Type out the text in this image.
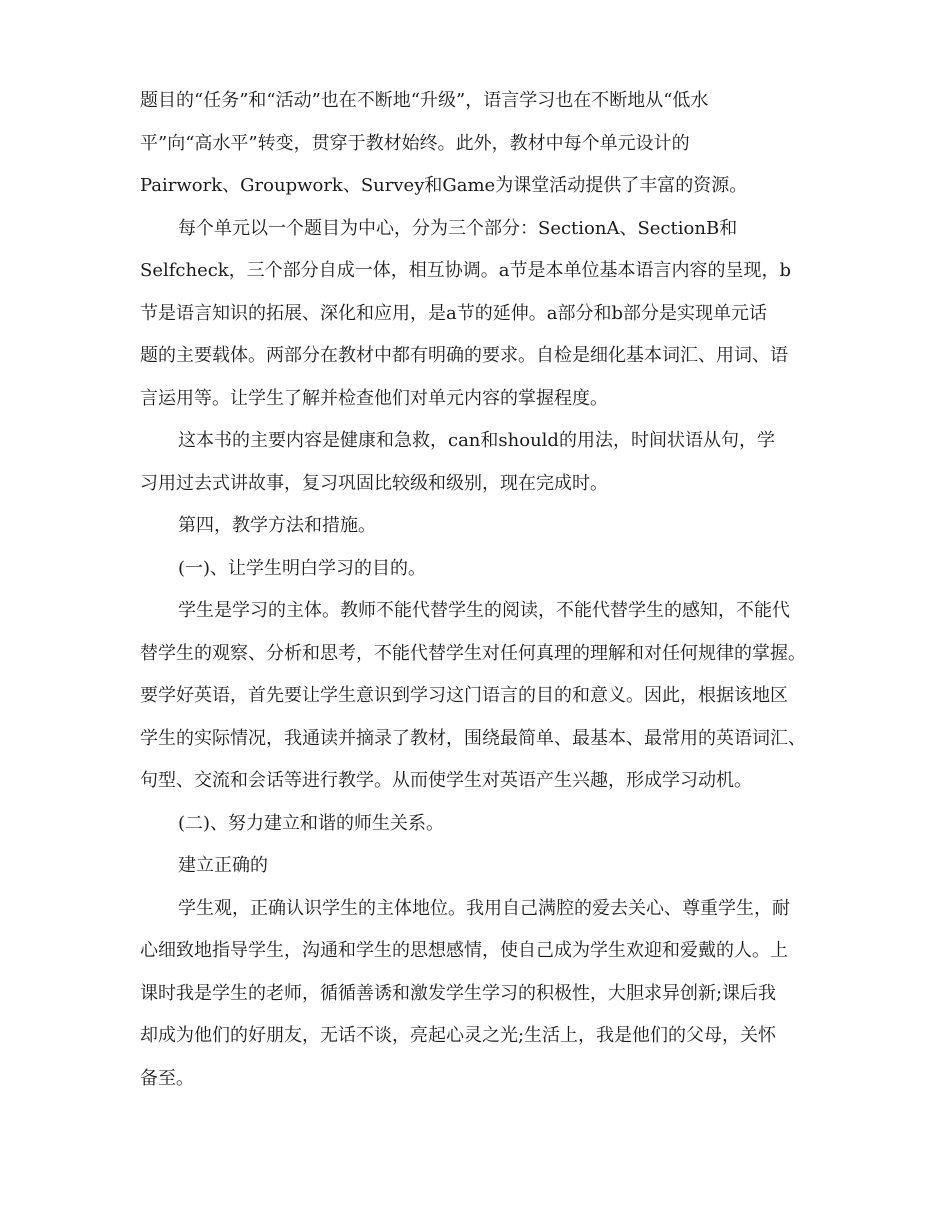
题目的“任务”和“活动”也在不断地“升级”，语言学习也在不断地从“低水
平”向“高水平”转变，贯穿于教材始终。此外，教材中每个单元设计的
Pairwork、Groupwork、Survey和Game为课堂活动提供了丰富的资源。
每个单元以一个题目为中心，分为三个部分：SectionA、SectionB和
Selfcheck，三个部分自成一体，相互协调。a节是本单位基本语言内容的呈现，b
节是语言知识的拓展、深化和应用，是a节的延伸。a部分和b部分是实现单元话
题的主要载体。两部分在教材中都有明确的要求。自检是细化基本词汇、用词、语
言运用等。让学生了解并检查他们对单元内容的掌握程度。
这本书的主要内容是健康和急救，can和should的用法，时间状语从句，学
习用过去式讲故事，复习巩固比较级和级别，现在完成时。
第四，教学方法和措施。
(一)、让学生明白学习的目的。
学生是学习的主体。教师不能代替学生的阅读，不能代替学生的感知，不能代
替学生的观察、分析和思考，不能代替学生对任何真理的理解和对任何规律的掌握。
要学好英语，首先要让学生意识到学习这门语言的目的和意义。因此，根据该地区
学生的实际情况，我通读并摘录了教材，围绕最简单、最基本、最常用的英语词汇、
句型、交流和会话等进行教学。从而使学生对英语产生兴趣，形成学习动机。
(二)、努力建立和谐的师生关系。
建立正确的
学生观，正确认识学生的主体地位。我用自己满腔的爱去关心、尊重学生，耐
心细致地指导学生，沟通和学生的思想感情，使自己成为学生欢迎和爱戴的人。上
课时我是学生的老师，循循善诱和激发学生学习的积极性，大胆求异创新;课后我
却成为他们的好朋友，无话不谈，亮起心灵之光;生活上，我是他们的父母，关怀
备至。
